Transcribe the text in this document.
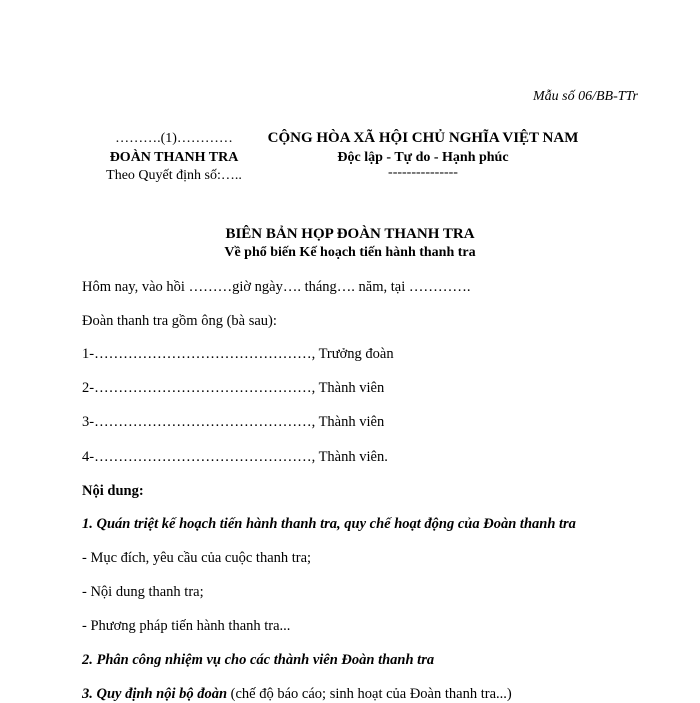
Mẫu số 06/BB-TTr
……….(1)…………
ĐOÀN THANH TRA
Theo Quyết định số:…..
CỘNG HÒA XÃ HỘI CHỦ NGHĨA VIỆT NAM
Độc lập - Tự do - Hạnh phúc
---------------
BIÊN BẢN HỌP ĐOÀN THANH TRA
Về phổ biến Kế hoạch tiến hành thanh tra
Hôm nay, vào hồi ………giờ ngày…. tháng…. năm, tại ………….
Đoàn thanh tra gồm ông (bà sau):
1-………………………………………, Trưởng đoàn
2-………………………………………, Thành viên
3-………………………………………, Thành viên
4-………………………………………, Thành viên.
Nội dung:
1. Quán triệt kế hoạch tiến hành thanh tra, quy chế hoạt động của Đoàn thanh tra
- Mục đích, yêu cầu của cuộc thanh tra;
- Nội dung thanh tra;
- Phương pháp tiến hành thanh tra...
2. Phân công nhiệm vụ cho các thành viên Đoàn thanh tra
3. Quy định nội bộ đoàn (chế độ báo cáo; sinh hoạt của Đoàn thanh tra...)
